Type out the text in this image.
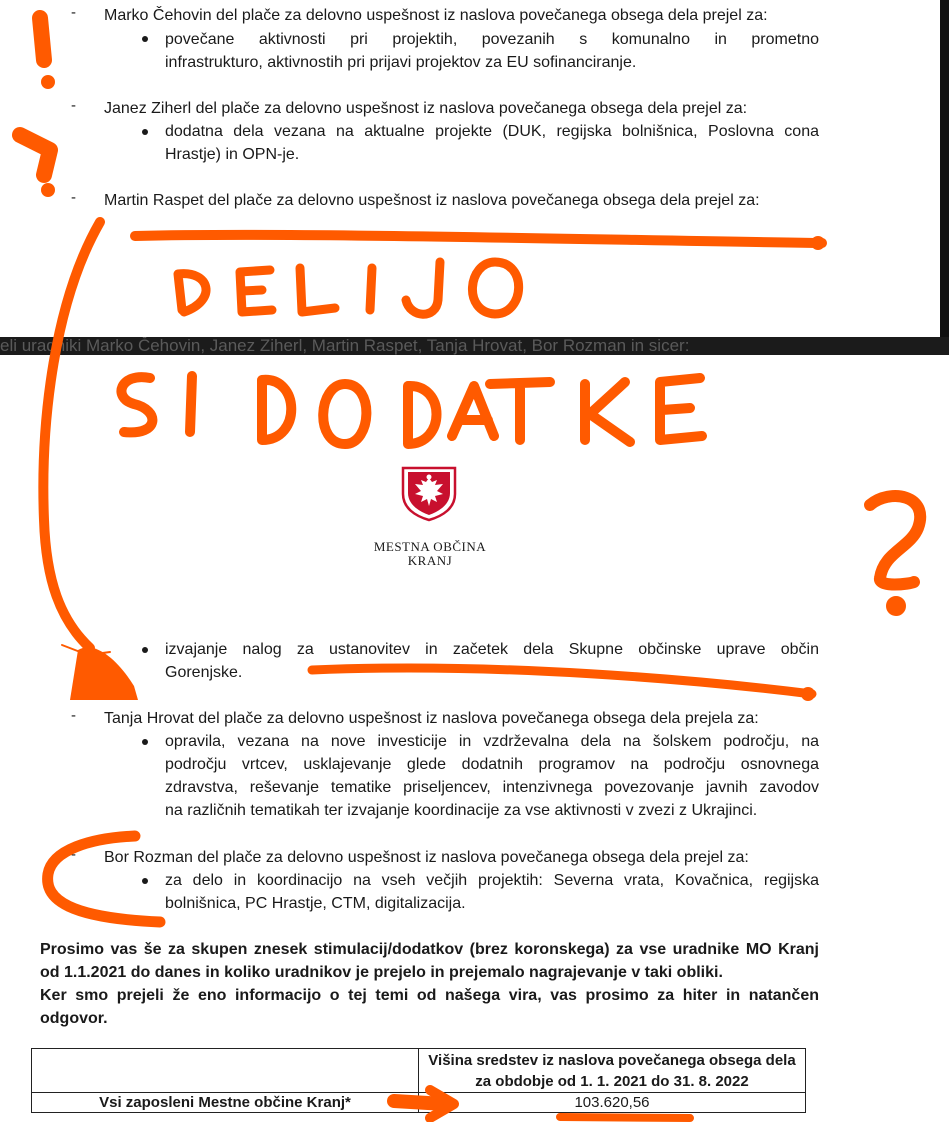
- Marko Čehovin del plače za delovno uspešnost iz naslova povečanega obsega dela prejel za:
povečane aktivnosti pri projektih, povezanih s komunalno in prometno
infrastrukturo, aktivnostih pri prijavi projektov za EU sofinanciranje.
- Janez Ziherl del plače za delovno uspešnost iz naslova povečanega obsega dela prejel za:
dodatna dela vezana na aktualne projekte (DUK, regijska bolnišnica, Poslovna cona
Hrastje) in OPN-je.
- Martin Raspet del plače za delovno uspešnost iz naslova povečanega obsega dela prejel za:
eli uradniki Marko Čehovin, Janez Ziherl, Martin Raspet, Tanja Hrovat, Bor Rozman in sicer:
MESTNA OBČINA
KRANJ
izvajanje nalog za ustanovitev in začetek dela Skupne občinske uprave občin
Gorenjske.
- Tanja Hrovat del plače za delovno uspešnost iz naslova povečanega obsega dela prejela za:
opravila, vezana na nove investicije in vzdrževalna dela na šolskem področju, na
področju vrtcev, usklajevanje glede dodatnih programov na področju osnovnega
zdravstva, reševanje tematike priseljencev, intenzivnega povezovanje javnih zavodov
na različnih tematikah ter izvajanje koordinacije za vse aktivnosti v zvezi z Ukrajinci.
- Bor Rozman del plače za delovno uspešnost iz naslova povečanega obsega dela prejel za:
za delo in koordinacijo na vseh večjih projektih: Severna vrata, Kovačnica, regijska
bolnišnica, PC Hrastje, CTM, digitalizacija.
Prosimo vas še za skupen znesek stimulacij/dodatkov (brez koronskega) za vse uradnike MO Kranj
od 1.1.2021 do danes in koliko uradnikov je prejelo in prejemalo nagrajevanje v taki obliki.
Ker smo prejeli že eno informacijo o tej temi od našega vira, vas prosimo za hiter in natančen
odgovor.

	Višina sredstev iz naslova povečanega obsega dela
za obdobje od 1. 1. 2021 do 31. 8. 2022

Vsi zaposleni Mestne občine Kranj*	103.620,56
